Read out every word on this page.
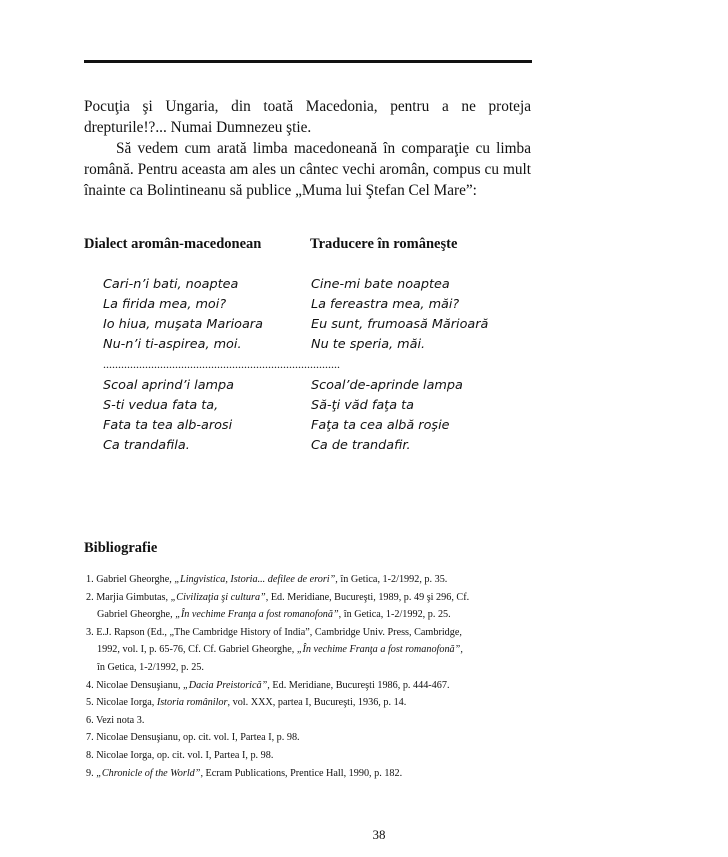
Pocuţia şi Ungaria, din toată Macedonia, pentru a ne proteja
drepturile!?... Numai Dumnezeu ştie.
Să vedem cum arată limba macedoneană în comparaţie cu limba română. Pentru aceasta am ales un cântec vechi aromân, compus cu mult înainte ca Bolintineanu să publice „Muma lui Ştefan Cel Mare”:
Dialect aromân-macedonean	Traducere în româneşte
Cari-n’i bati, noaptea
La firida mea, moi?
Io hiua, muşata Marioara
Nu-n’i ti-aspirea, moi.
Cine-mi bate noaptea
La fereastra mea, măi?
Eu sunt, frumoasă Mărioară
Nu te speria, măi.
...............................................................................
Scoal aprind’i lampa
S-ti vedua fata ta,
Fata ta tea alb-arosi
Ca trandafila.
Scoal’de-aprinde lampa
Să-ţi văd faţa ta
Faţa ta cea albă roşie
Ca de trandafir.
Bibliografie
1. Gabriel Gheorghe, „Lingvistica, Istoria... defilee de erori”, în Getica, 1-2/1992, p. 35.
2. Marjia Gimbutas, „Civilizaţia şi cultura”, Ed. Meridiane, Bucureşti, 1989, p. 49 şi 296, Cf.
Gabriel Gheorghe, „În vechime Franţa a fost romanofonă”, în Getica, 1-2/1992, p. 25.
3. E.J. Rapson (Ed., „The Cambridge History of India”, Cambridge Univ. Press, Cambridge,
1992, vol. I, p. 65-76, Cf. Cf. Gabriel Gheorghe, „În vechime Franţa a fost romanofonă”,
în Getica, 1-2/1992, p. 25.
4. Nicolae Densuşianu, „Dacia Preistorică”, Ed. Meridiane, Bucureşti 1986, p. 444-467.
5. Nicolae Iorga, Istoria românilor, vol. XXX, partea I, Bucureşti, 1936, p. 14.
6. Vezi nota 3.
7. Nicolae Densuşianu, op. cit. vol. I, Partea I, p. 98.
8. Nicolae Iorga, op. cit. vol. I, Partea I, p. 98.
9. „Chronicle of the World”, Ecram Publications, Prentice Hall, 1990, p. 182.
38
